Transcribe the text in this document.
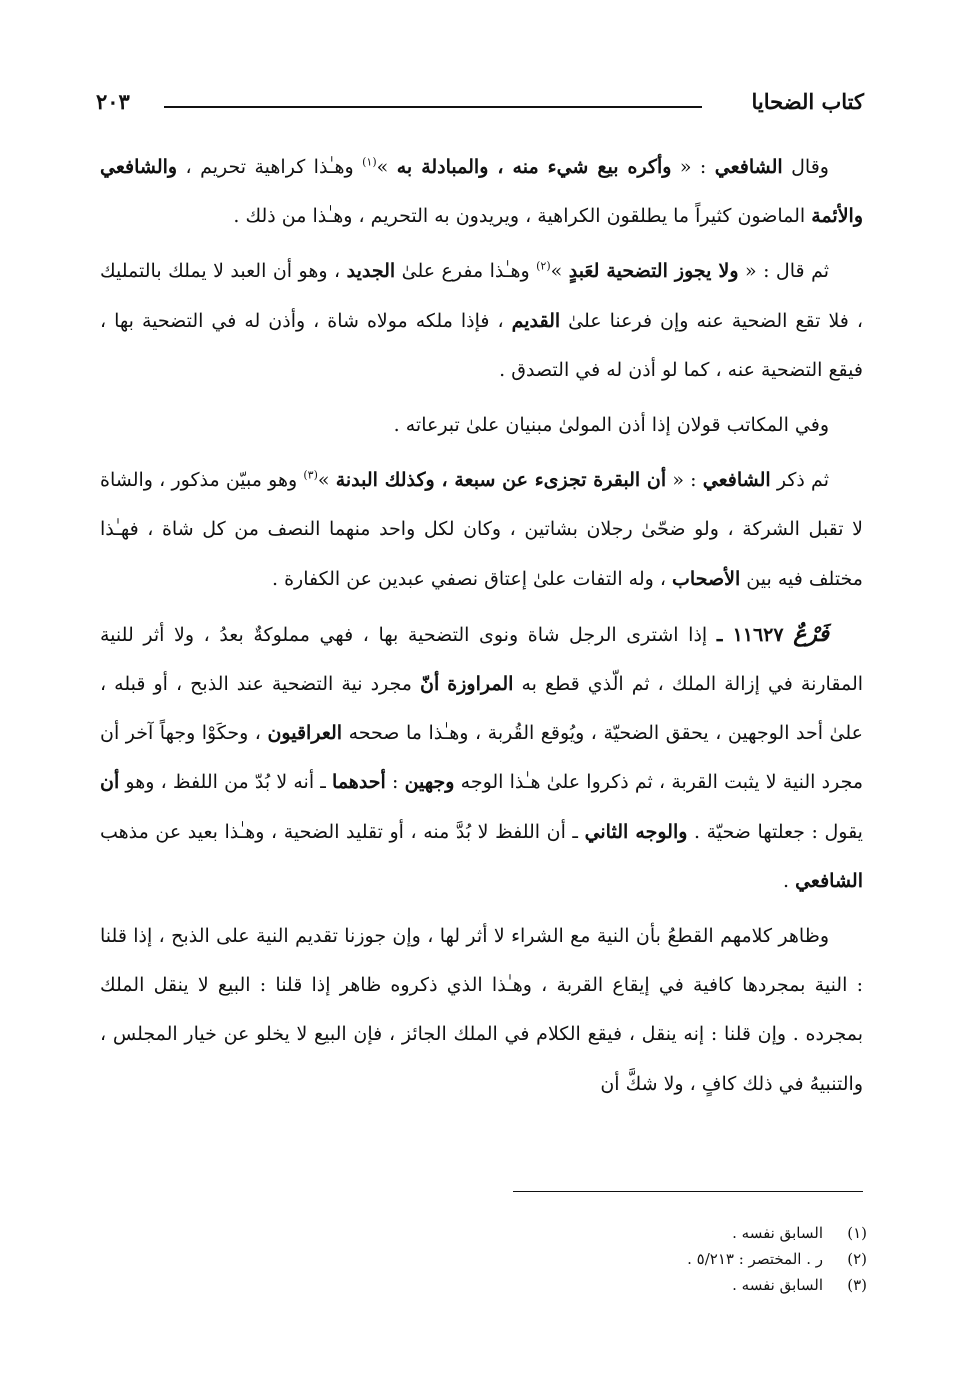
كتاب الضحايا
٢٠٣

وقال الشافعي : « وأكره بيع شيء منه ، والمبادلة به »$^{(١)}$ وهـٰذا كراهية تحريم ، والشافعي والأئمة الماضون كثيراً ما يطلقون الكراهية ، ويريدون به التحريم ، وهـٰذا من ذلك .

ثم قال : « ولا يجوز التضحية لعَبدٍ »$^{(٢)}$ وهـٰذا مفرع علىٰ الجديد ، وهو أن العبد لا يملك بالتمليك ، فلا تقع الضحية عنه وإن فرعنا علىٰ القديم ، فإذا ملكه مولاه شاة ، وأذن له في التضحية بها ، فيقع التضحية عنه ، كما لو أذن له في التصدق .

وفي المكاتب قولان إذا أذن المولىٰ مبنيان علىٰ تبرعاته .

ثم ذكر الشافعي : « أن البقرة تجزىء عن سبعة ، وكذلك البدنة »$^{(٣)}$ وهو مبيّن مذكور ، والشاة لا تقبل الشركة ، ولو ضحّىٰ رجلان بشاتين ، وكان لكل واحد منهما النصف من كل شاة ، فهـٰذا مختلف فيه بين الأصحاب ، وله التفات علىٰ إعتاق نصفي عبدين عن الكفارة .

فَرْعٌ ١١٦٢٧ ـ إذا اشترى الرجل شاة ونوى التضحية بها ، فهي مملوكةٌ بعدُ ، ولا أثر للنية المقارنة في إزالة الملك ، ثم الّذي قطع به المراوزة أنّ مجرد نية التضحية عند الذبح ، أو قبله ، علىٰ أحد الوجهين ، يحقق الضحيّة ، ويُوقع القُربة ، وهـٰذا ما صححه العراقيون ، وحكَوْا وجهاً آخر أن مجرد النية لا يثبت القربة ، ثم ذكروا علىٰ هـٰذا الوجه وجهين : أحدهما ـ أنه لا بُدّ من اللفظ ، وهو أن يقول : جعلتها ضحيّة . والوجه الثاني ـ أن اللفظ لا بُدَّ منه ، أو تقليد الضحية ، وهـٰذا بعيد عن مذهب الشافعي .

وظاهر كلامهم القطعُ بأن النية مع الشراء لا أثر لها ، وإن جوزنا تقديم النية على الذبح ، إذا قلنا : النية بمجردها كافية في إيقاع القربة ، وهـٰذا الذي ذكروه ظاهر إذا قلنا : البيع لا ينقل الملك بمجرده . وإن قلنا : إنه ينقل ، فيقع الكلام في الملك الجائز ، فإن البيع لا يخلو عن خيار المجلس ، والتنبيهُ في ذلك كافٍ ، ولا شكَّ أن

(١)
السابق نفسه .
(٢)
ر . المختصر : ٥/٢١٣ .
(٣)
السابق نفسه .
